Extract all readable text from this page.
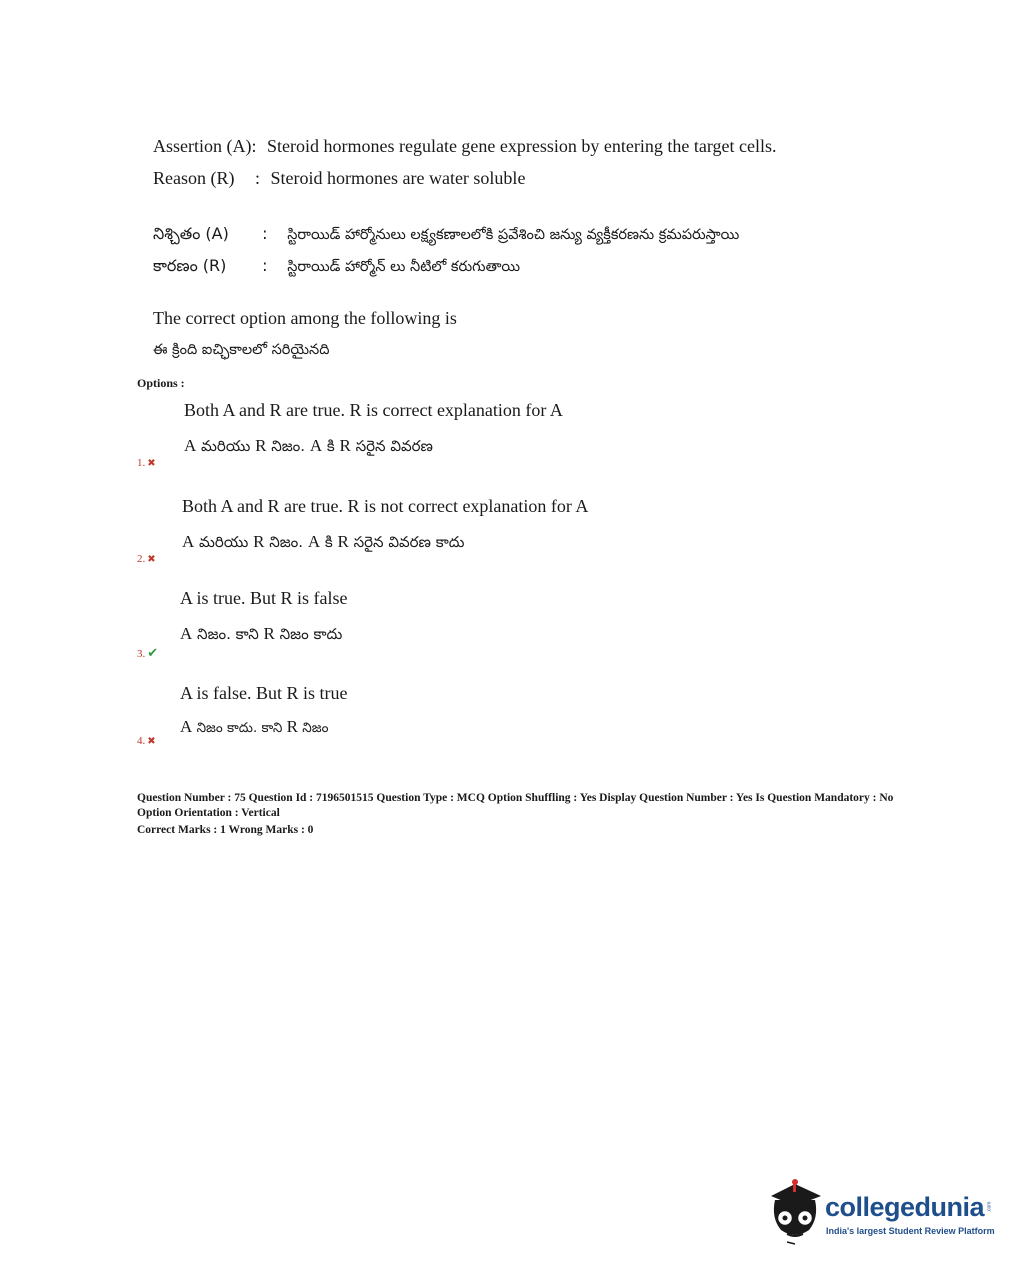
Assertion (A): Steroid hormones regulate gene expression by entering the target cells.
Reason (R) : Steroid hormones are water soluble
నిశ్చితం (A) : స్టిరాయిడ్ హార్మోనులు లక్ష్యకణాలలోకి ప్రవేశించి జన్యు వ్యక్తీకరణను క్రమపరుస్తాయి
కారణం (R) : స్టిరాయిడ్ హార్మోన్ లు నీటిలో కరుగుతాయి
The correct option among the following is
ఈ క్రింది ఐచ్ఛికాలలో సరియైనది
Options :
Both A and R are true. R is correct explanation for A
A మరియు R నిజం. A కి R సరైన వివరణ
1. ✖
Both A and R are true. R is not correct explanation for A
A మరియు R నిజం. A కి R సరైన వివరణ కాదు
2. ✖
A is true. But R is false
A నిజం. కాని R నిజం కాదు
3. ✔
A is false. But R is true
A నిజం కాదు. కాని R నిజం
4. ✖
Question Number : 75 Question Id : 7196501515 Question Type : MCQ Option Shuffling : Yes Display Question Number : Yes Is Question Mandatory : No Option Orientation : Vertical
Correct Marks : 1 Wrong Marks : 0
collegedunia .com
India's largest Student Review Platform
